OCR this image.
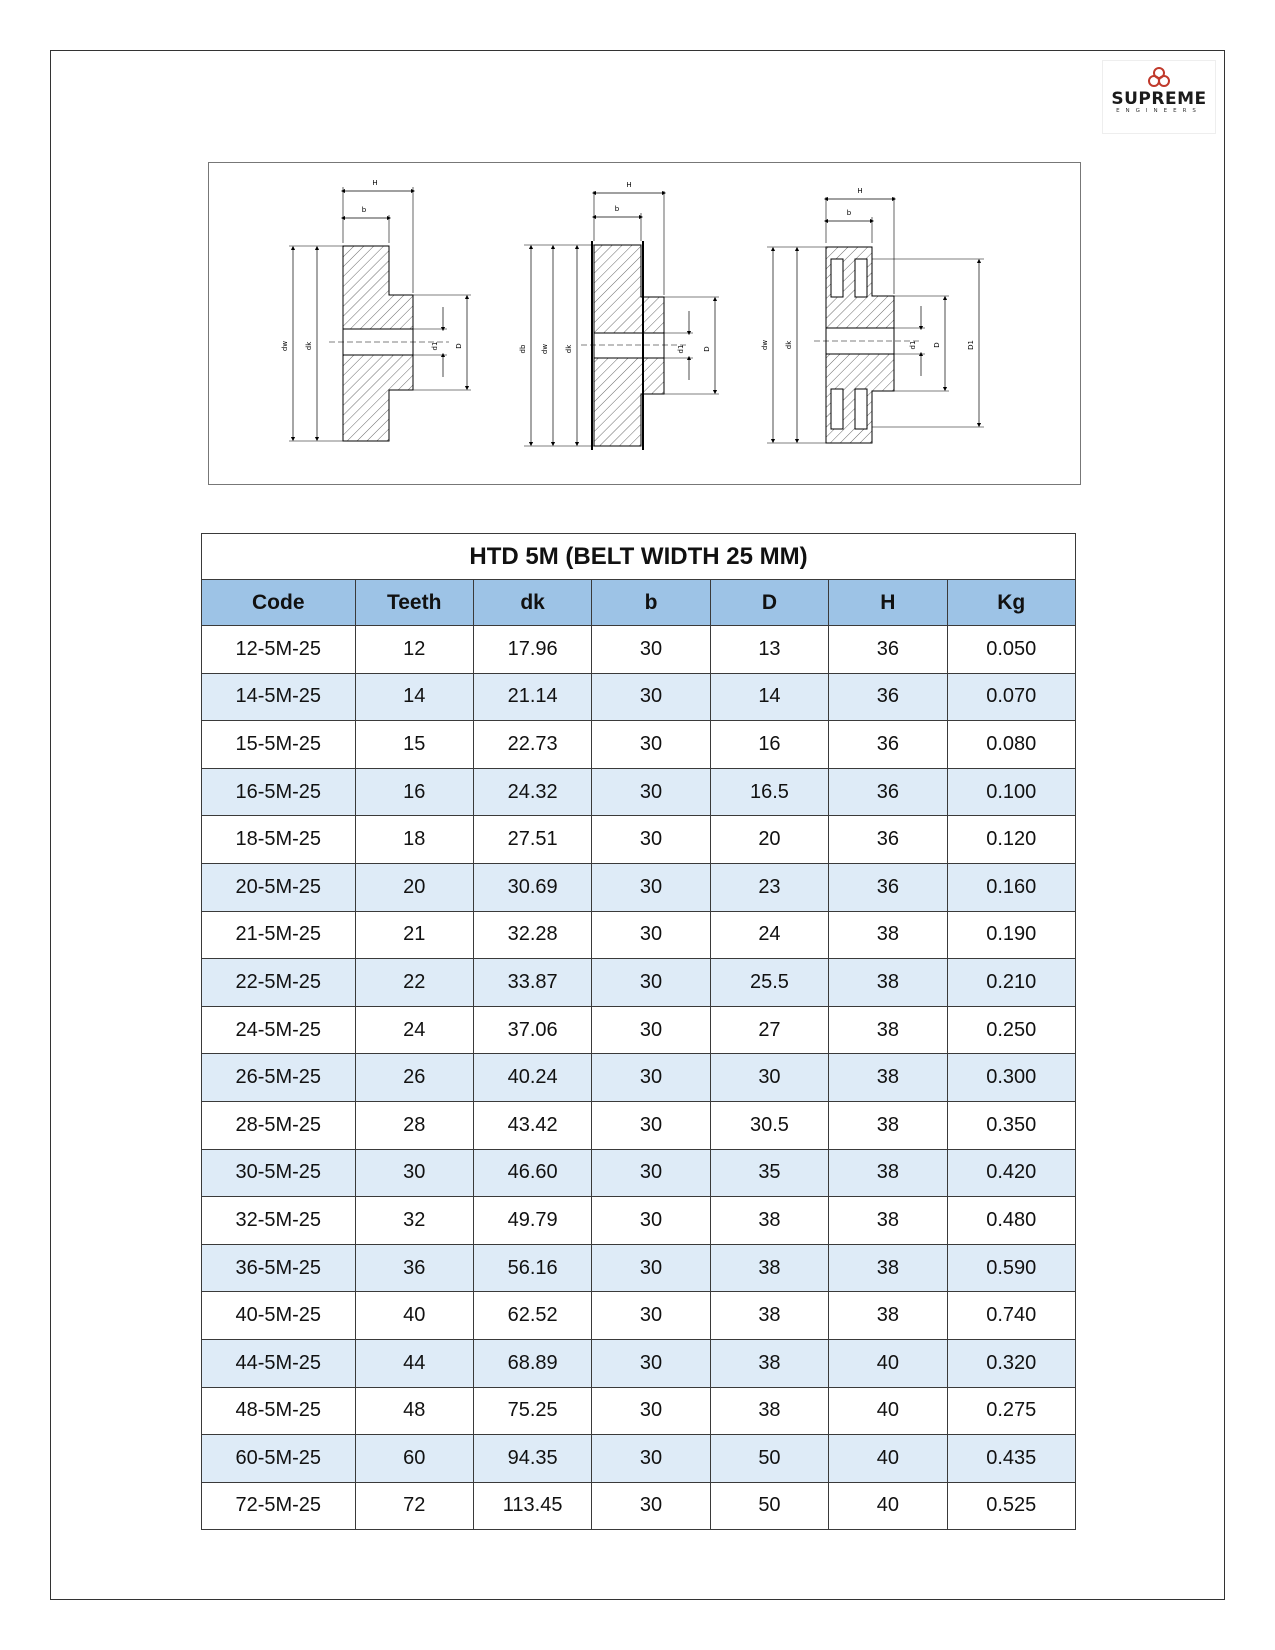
SUPREME
ENGINEERS
H
b
dw dk	d1 D
H
b
db dw dk	d1	D
H
b
dw dk	d1 D	D1
HTD 5M (BELT WIDTH 25 MM)						
Code	Teeth	dk	b	D	H	Kg
12-5M-25	12	17.96	30	13	36	0.050
14-5M-25	14	21.14	30	14	36	0.070
15-5M-25	15	22.73	30	16	36	0.080
16-5M-25	16	24.32	30	16.5	36	0.100
18-5M-25	18	27.51	30	20	36	0.120
20-5M-25	20	30.69	30	23	36	0.160
21-5M-25	21	32.28	30	24	38	0.190
22-5M-25	22	33.87	30	25.5	38	0.210
24-5M-25	24	37.06	30	27	38	0.250
26-5M-25	26	40.24	30	30	38	0.300
28-5M-25	28	43.42	30	30.5	38	0.350
30-5M-25	30	46.60	30	35	38	0.420
32-5M-25	32	49.79	30	38	38	0.480
36-5M-25	36	56.16	30	38	38	0.590
40-5M-25	40	62.52	30	38	38	0.740
44-5M-25	44	68.89	30	38	40	0.320
48-5M-25	48	75.25	30	38	40	0.275
60-5M-25	60	94.35	30	50	40	0.435
72-5M-25	72	113.45	30	50	40	0.525
